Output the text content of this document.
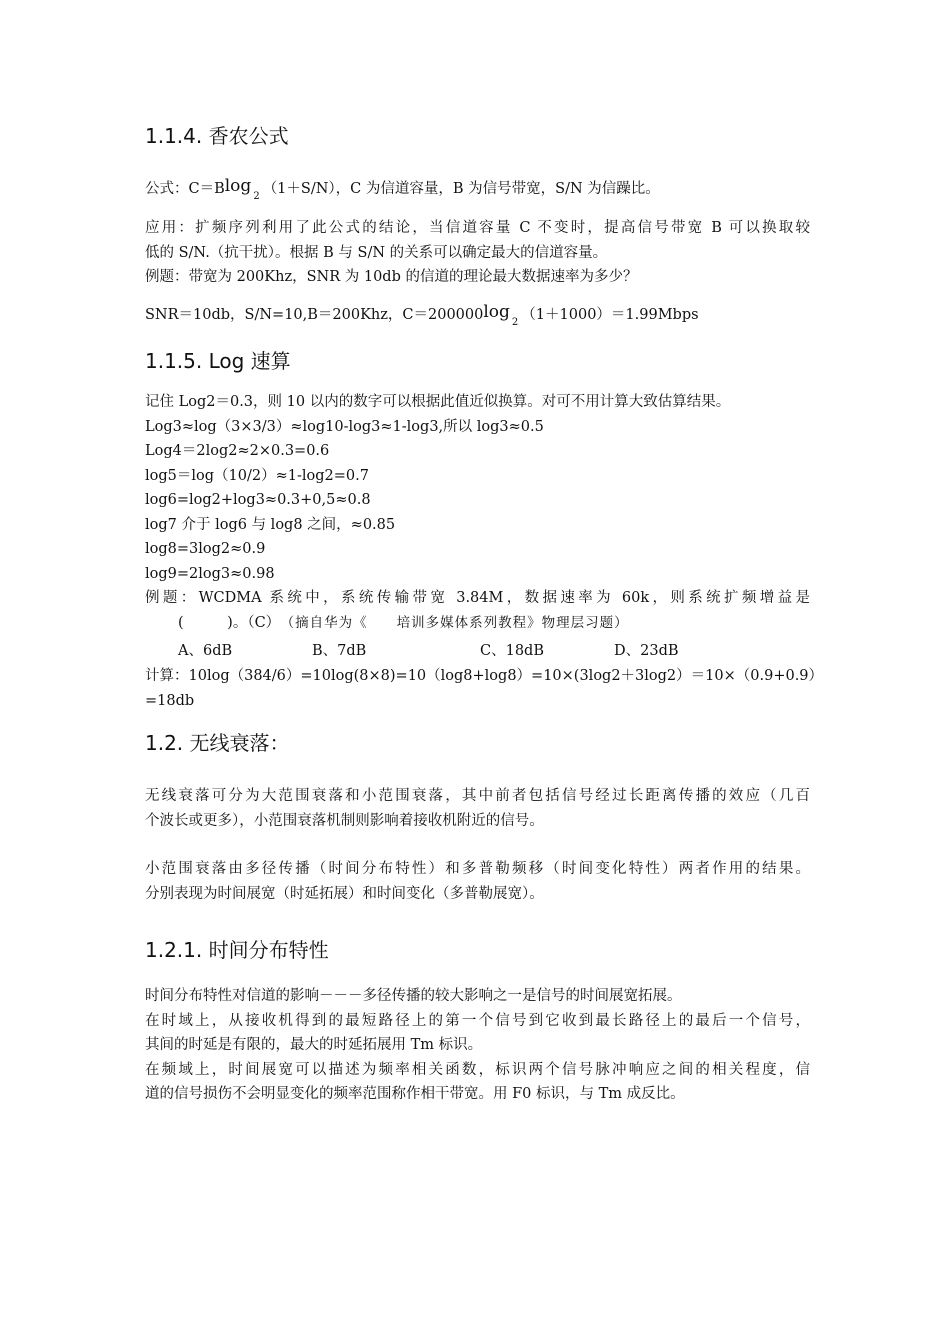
1.1.4. 香农公式
公式：C＝Blog$_2$ （1＋S/N），C 为信道容量，B 为信号带宽，S/N 为信躁比。
应用：扩频序列利用了此公式的结论，当信道容量 C 不变时，提高信号带宽 B 可以换取较
低的 S/N.（抗干扰）。根据 B 与 S/N 的关系可以确定最大的信道容量。
例题：带宽为 200Khz，SNR 为 10db 的信道的理论最大数据速率为多少？
SNR＝10db，S/N=10,B＝200Khz，$C=200000\log_2$ （1＋1000）＝1.99Mbps
1.1.5. Log 速算
记住 Log2＝0.3，则 10 以内的数字可以根据此值近似换算。对可不用计算大致估算结果。
Log3≈log（3×3/3）≈log10-log3≈1-log3,所以 log3≈0.5
Log4＝2log2≈2×0.3=0.6
log5＝log（10/2）≈1-log2=0.7
log6=log2+log3≈0.3+0,5≈0.8
log7 介于 log6 与 log8 之间，≈0.85
log8=3log2≈0.9
log9=2log3≈0.98
例题：WCDMA 系统中，系统传输带宽 3.84M，数据速率为 60k，则系统扩频增益是
(　　　)。（C）　（摘自华为《　　培训多媒体系列教程》物理层习题）
A、6dB	B、7dB	C、18dB	D、23dB
计算：10log（384/6）=10log(8×8)=10（log8+log8）=10×(3log2＋3log2）＝10×（0.9+0.9）
=18db
1.2. 无线衰落：
无线衰落可分为大范围衰落和小范围衰落，其中前者包括信号经过长距离传播的效应（几百
个波长或更多），小范围衰落机制则影响着接收机附近的信号。
小范围衰落由多径传播（时间分布特性）和多普勒频移（时间变化特性）两者作用的结果。
分别表现为时间展宽（时延拓展）和时间变化（多普勒展宽）。
1.2.1. 时间分布特性
时间分布特性对信道的影响－－－多径传播的较大影响之一是信号的时间展宽拓展。
在时域上，从接收机得到的最短路径上的第一个信号到它收到最长路径上的最后一个信号，
其间的时延是有限的，最大的时延拓展用 Tm 标识。
在频域上，时间展宽可以描述为频率相关函数，标识两个信号脉冲响应之间的相关程度，信
道的信号损伤不会明显变化的频率范围称作相干带宽。用 F0 标识，与 Tm 成反比。
